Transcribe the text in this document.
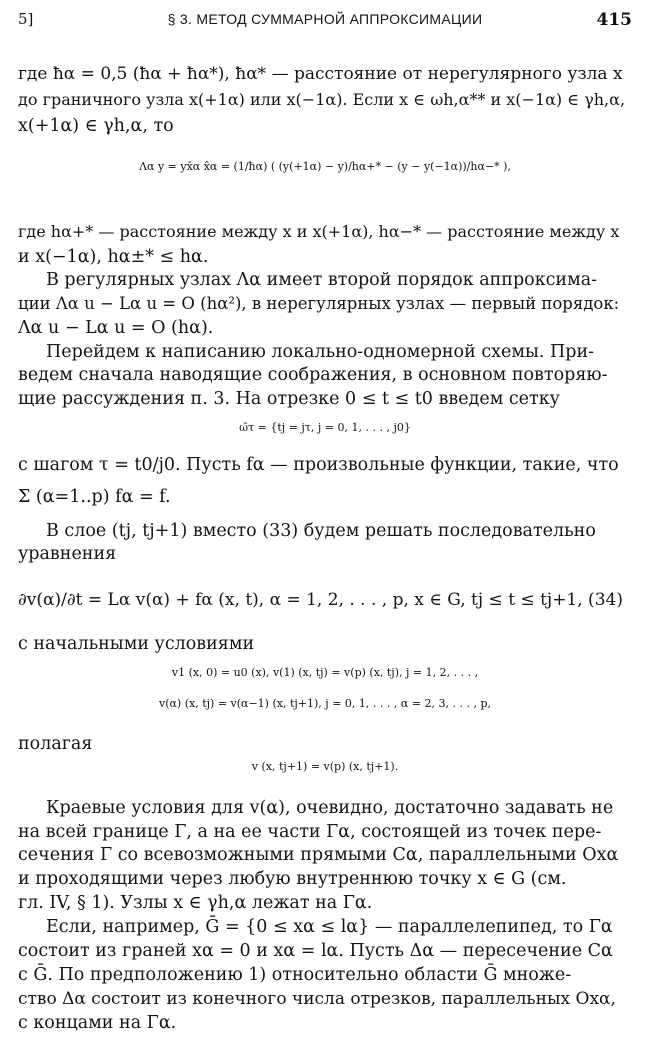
5]	§ 3. МЕТОД СУММАРНОЙ АППРОКСИМАЦИИ	415
где ħα = 0,5 (ħα + ħα*), ħα* — расстояние от нерегулярного узла x
до граничного узла x(+1α) или x(−1α). Если x ∈ ωh,α** и x(−1α) ∈ γh,α,
x(+1α) ∈ γh,α, то
Λα y = yx̄α x̂α = (1/ħα) ( (y(+1α) − y)/hα+* − (y − y(−1α))/hα−* ),
где hα+* — расстояние между x и x(+1α), hα−* — расстояние между x
и x(−1α), hα±* ≤ hα.
В регулярных узлах Λα имеет второй порядок аппроксима-
ции Λα u − Lα u = O (hα²), в нерегулярных узлах — первый порядок:
Λα u − Lα u = O (hα).
Перейдем к написанию локально-одномерной схемы. При-
ведем сначала наводящие соображения, в основном повторяю-
щие рассуждения п. 3. На отрезке 0 ≤ t ≤ t0 введем сетку
ω̄τ = {tj = jτ, j = 0, 1, . . . , j0}
с шагом τ = t0/j0. Пусть fα — произвольные функции, такие, что
Σ (α=1..p) fα = f.
В слое (tj, tj+1) вместо (33) будем решать последовательно
уравнения
∂v(α)/∂t = Lα v(α) + fα (x, t), α = 1, 2, . . . , p, x ∈ G, tj ≤ t ≤ tj+1, (34)
с начальными условиями
v1 (x, 0) = u0 (x), v(1) (x, tj) = v(p) (x, tj), j = 1, 2, . . . ,
v(α) (x, tj) = v(α−1) (x, tj+1), j = 0, 1, . . . , α = 2, 3, . . . , p,
полагая
v (x, tj+1) = v(p) (x, tj+1).
Краевые условия для v(α), очевидно, достаточно задавать не
на всей границе Γ, а на ее части Γα, состоящей из точек пере-
сечения Γ со всевозможными прямыми Cα, параллельными Oxα
и проходящими через любую внутреннюю точку x ∈ G (см.
гл. IV, § 1). Узлы x ∈ γh,α лежат на Γα.
Если, например, Ḡ = {0 ≤ xα ≤ lα} — параллелепипед, то Γα
состоит из граней xα = 0 и xα = lα. Пусть Δα — пересечение Cα
с Ḡ. По предположению 1) относительно области Ḡ множе-
ство Δα состоит из конечного числа отрезков, параллельных Oxα,
с концами на Γα.
